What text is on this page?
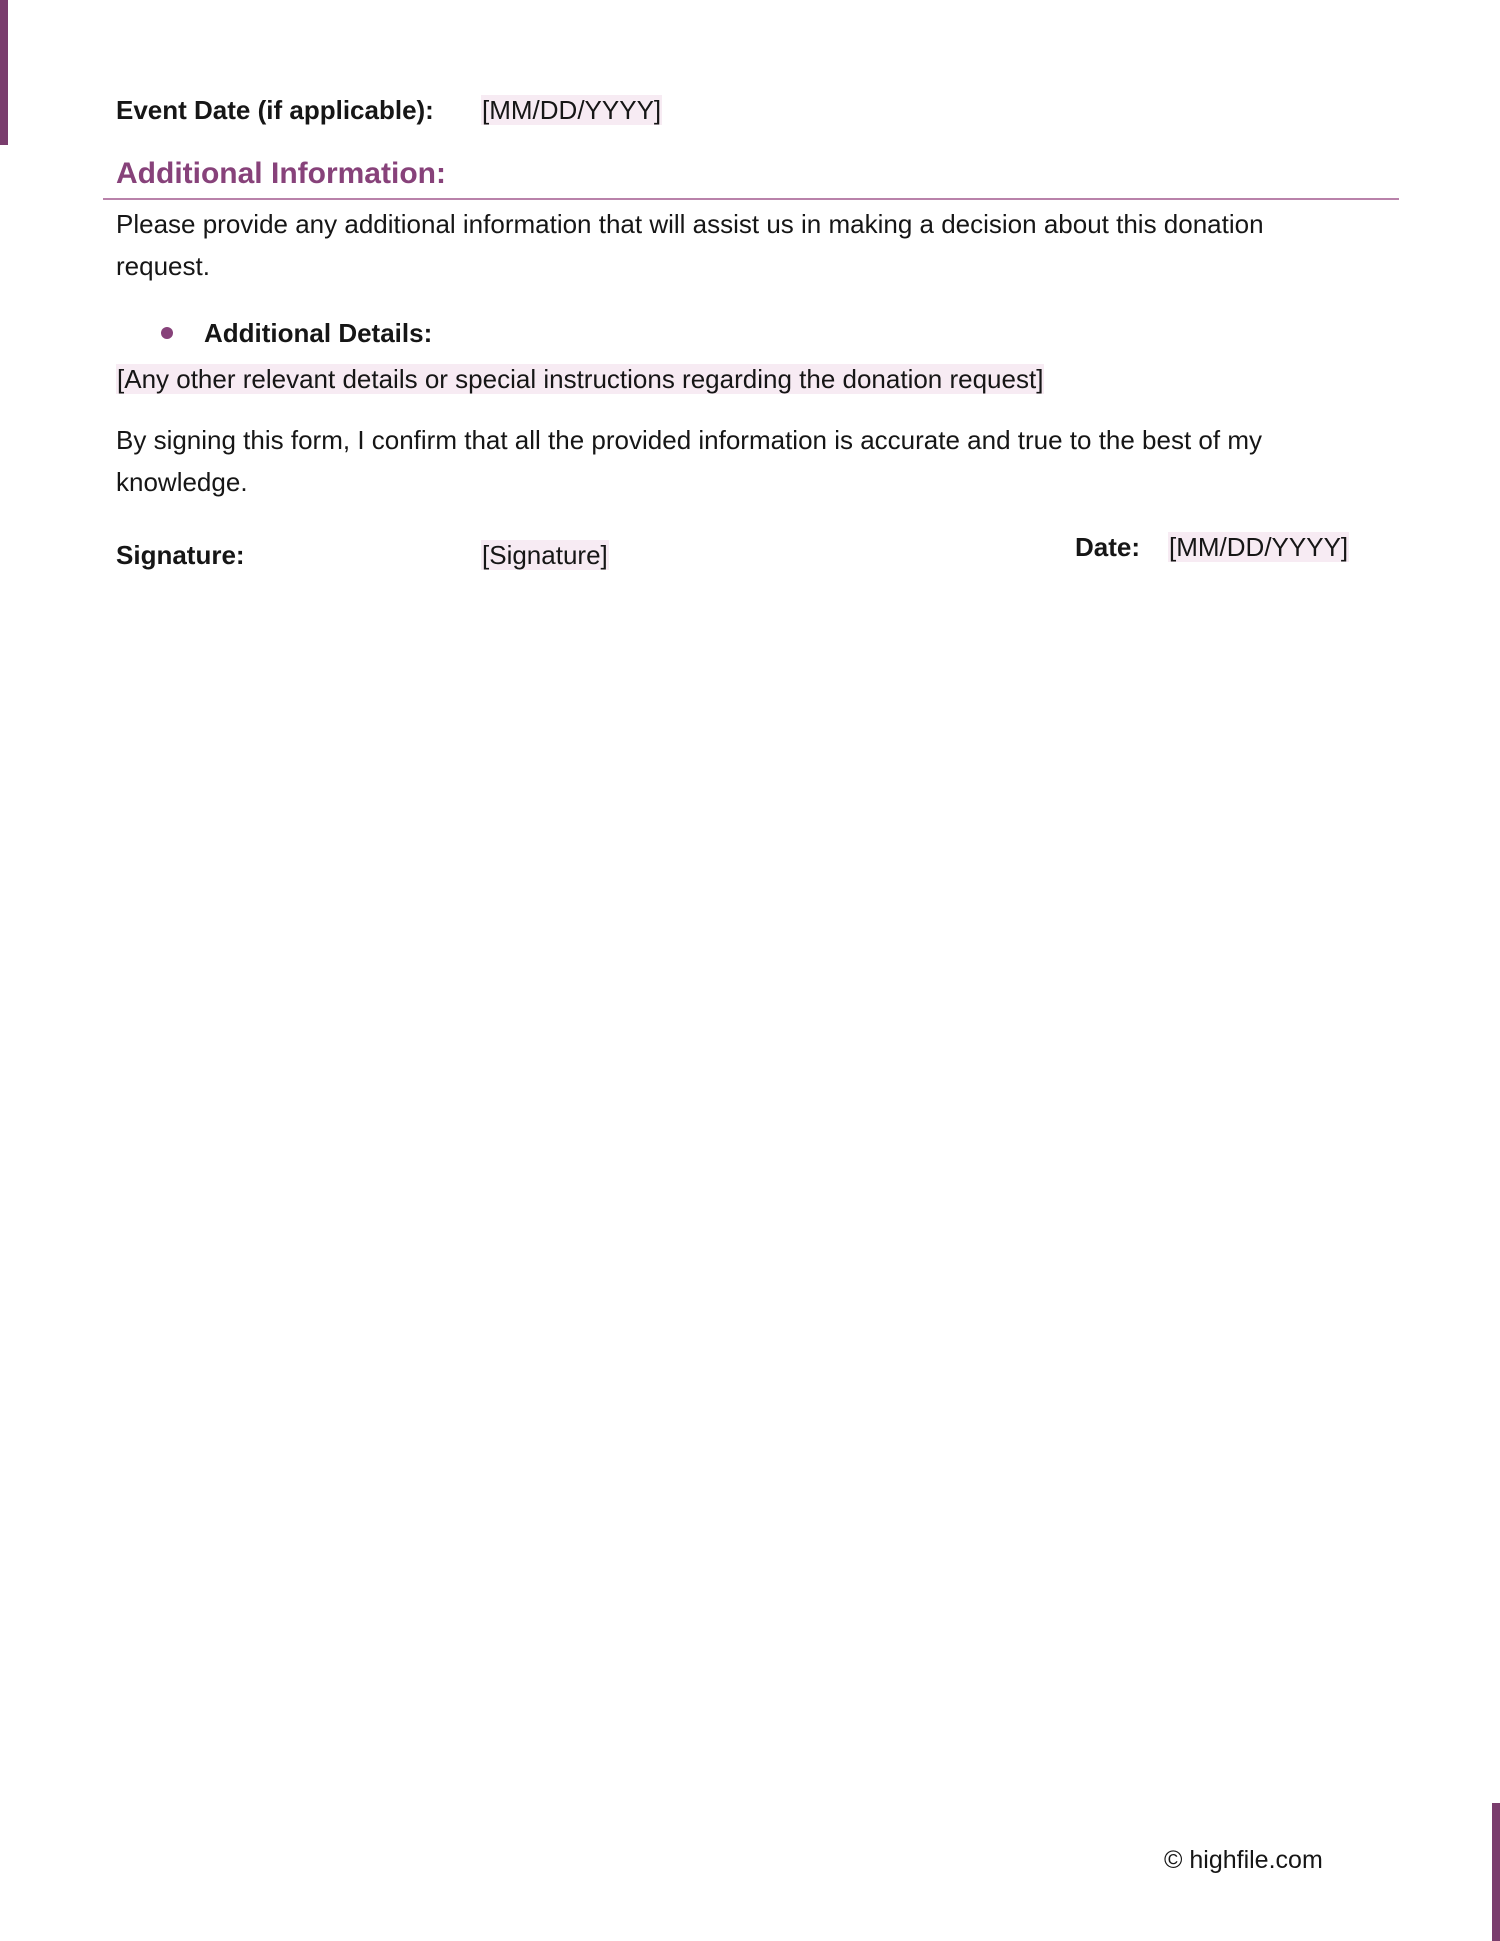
Event Date (if applicable): [MM/DD/YYYY]
Additional Information:
Please provide any additional information that will assist us in making a decision about this donation request.
Additional Details:
[Any other relevant details or special instructions regarding the donation request]
By signing this form, I confirm that all the provided information is accurate and true to the best of my knowledge.
Signature:	[Signature]	Date: [MM/DD/YYYY]
© highfile.com
